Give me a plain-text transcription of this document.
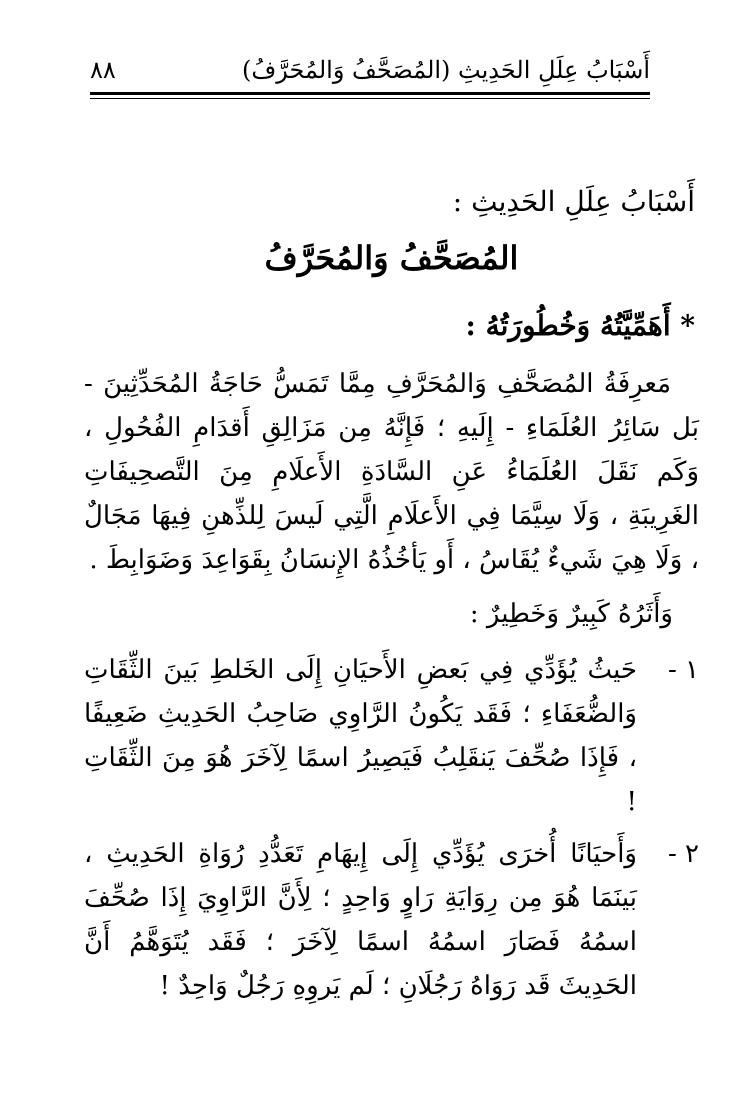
أَسْبَابُ عِلَلِ الحَدِيثِ (المُصَحَّفُ وَالمُحَرَّفُ)
٨٨
أَسْبَابُ عِلَلِ الحَدِيثِ :
المُصَحَّفُ وَالمُحَرَّفُ
* أَهَمِّيَّتُهُ وَخُطُورَتُهُ :

مَعرِفَةُ المُصَحَّفِ وَالمُحَرَّفِ مِمَّا تَمَسُّ حَاجَةُ المُحَدِّثِينَ - بَل سَائِرُ العُلَمَاءِ - إِلَيهِ ؛ فَإِنَّهُ مِن مَزَالِقِ أَقدَامِ الفُحُولِ ، وَكَم نَقَلَ العُلَمَاءُ عَنِ السَّادَةِ الأَعلَامِ مِنَ التَّصحِيفَاتِ الغَرِيبَةِ ، وَلَا سِيَّمَا فِي الأَعلَامِ الَّتِي لَيسَ لِلذِّهنِ فِيهَا مَجَالٌ ، وَلَا هِيَ شَيءٌ يُقَاسُ ، أَو يَأخُذُهُ الإِنسَانُ بِقَوَاعِدَ وَضَوَابِطَ .

وَأَثَرُهُ كَبِيرٌ وَخَطِيرٌ :
١ -
حَيثُ يُؤَدِّي فِي بَعضِ الأَحيَانِ إِلَى الخَلطِ بَينَ الثِّقَاتِ وَالضُّعَفَاءِ ؛ فَقَد يَكُونُ الرَّاوِي صَاحِبُ الحَدِيثِ ضَعِيفًا ، فَإِذَا صُحِّفَ يَنقَلِبُ فَيَصِيرُ اسمًا لِآخَرَ هُوَ مِنَ الثِّقَاتِ !
٢ -
وَأَحيَانًا أُخرَى يُؤَدِّي إِلَى إِيهَامِ تَعَدُّدِ رُوَاةِ الحَدِيثِ ، بَينَمَا هُوَ مِن رِوَايَةِ رَاوٍ وَاحِدٍ ؛ لِأَنَّ الرَّاوِيَ إِذَا صُحِّفَ اسمُهُ فَصَارَ اسمُهُ اسمًا لِآخَرَ ؛ فَقَد يُتَوَهَّمُ أَنَّ الحَدِيثَ قَد رَوَاهُ رَجُلَانِ ؛ لَم يَروِهِ رَجُلٌ وَاحِدٌ !
